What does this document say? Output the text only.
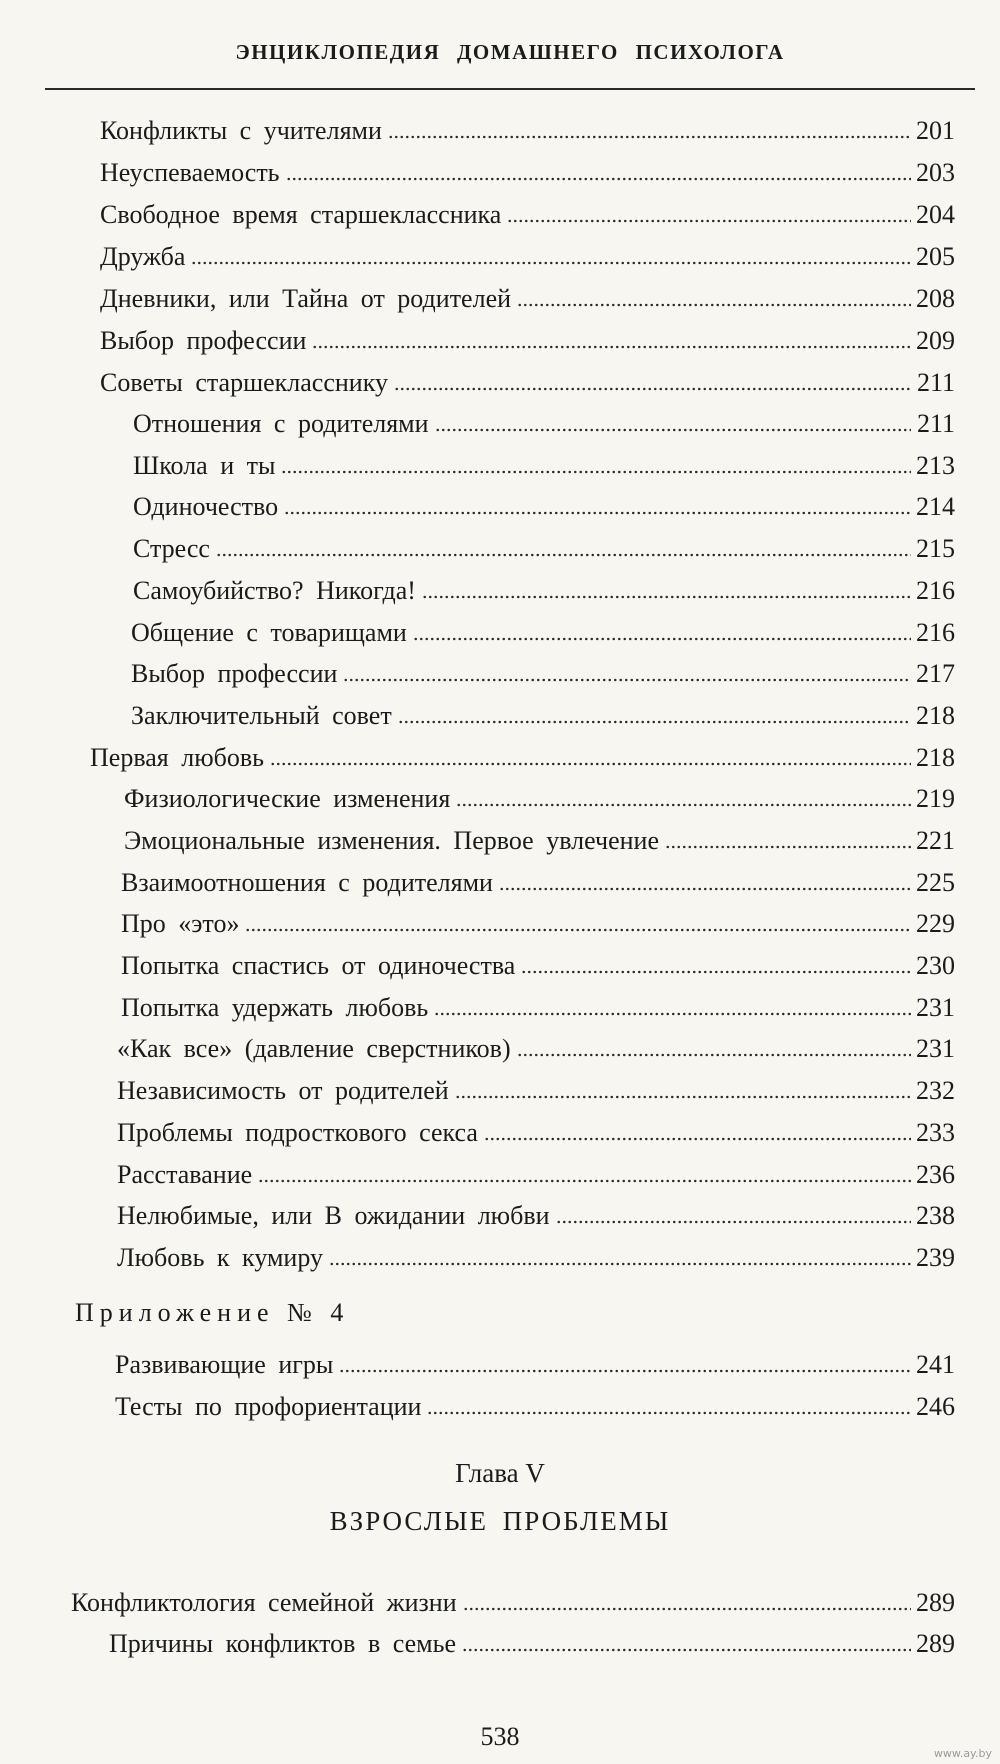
ЭНЦИКЛОПЕДИЯ ДОМАШНЕГО ПСИХОЛОГА
Конфликты с учителями	201
Неуспеваемость	203
Свободное время старшеклассника	204
Дружба	205
Дневники, или Тайна от родителей	208
Выбор профессии	209
Советы старшекласснику	211
Отношения с родителями	211
Школа и ты	213
Одиночество	214
Стресс	215
Самоубийство? Никогда!	216
Общение с товарищами	216
Выбор профессии	217
Заключительный совет	218
Первая любовь	218
Физиологические изменения	219
Эмоциональные изменения. Первое увлечение	221
Взаимоотношения с родителями	225
Про «это»	229
Попытка спастись от одиночества	230
Попытка удержать любовь	231
«Как все» (давление сверстников)	231
Независимость от родителей	232
Проблемы подросткового секса	233
Расставание	236
Нелюбимые, или В ожидании любви	238
Любовь к кумиру	239
Развивающие игры	241
Тесты по профориентации	246
Конфликтология семейной жизни	289
Причины конфликтов в семье	289
Приложение № 4
Глава V
ВЗРОСЛЫЕ ПРОБЛЕМЫ
538
www.ay.by
